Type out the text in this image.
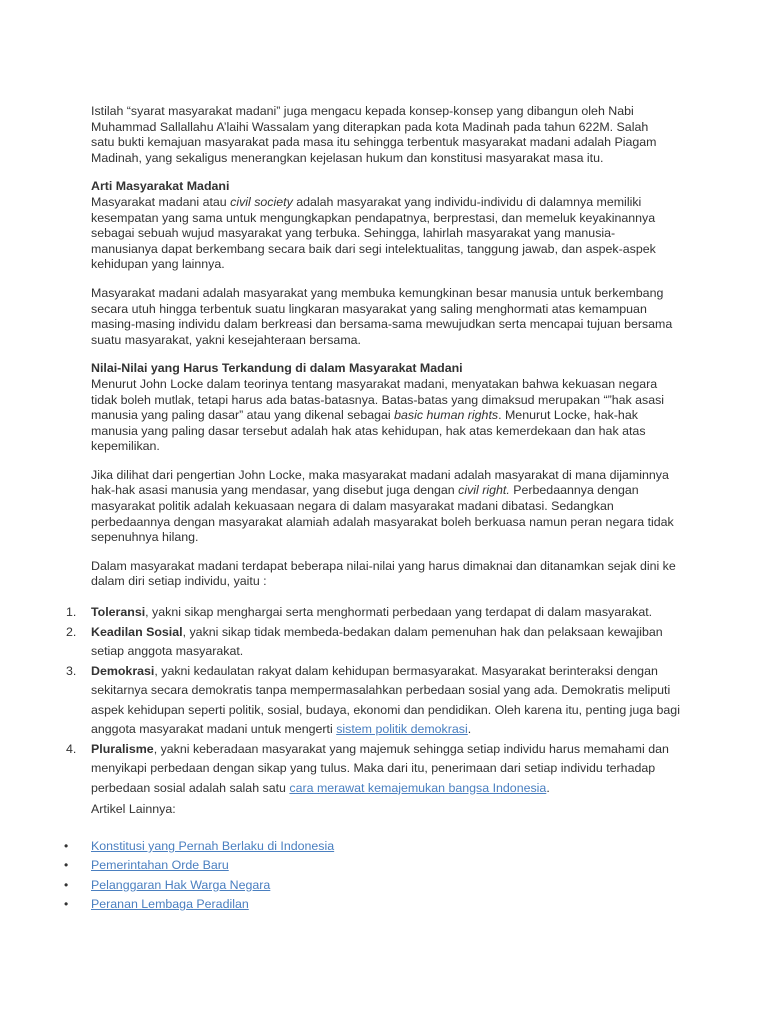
Istilah “syarat masyarakat madani” juga mengacu kepada konsep-konsep yang dibangun oleh Nabi
Muhammad Sallallahu A’laihi Wassalam yang diterapkan pada kota Madinah pada tahun 622M. Salah
satu bukti kemajuan masyarakat pada masa itu sehingga terbentuk masyarakat madani adalah Piagam
Madinah, yang sekaligus menerangkan kejelasan hukum dan konstitusi masyarakat masa itu.

Arti Masyarakat Madani

Masyarakat madani atau civil society adalah masyarakat yang individu-individu di dalamnya memiliki kesempatan yang sama untuk mengungkapkan pendapatnya, berprestasi, dan memeluk keyakinannya sebagai sebuah wujud masyarakat yang terbuka. Sehingga, lahirlah masyarakat yang manusia-manusianya dapat berkembang secara baik dari segi intelektualitas, tanggung jawab, dan aspek-aspek kehidupan yang lainnya.

Masyarakat madani adalah masyarakat yang membuka kemungkinan besar manusia untuk berkembang secara utuh hingga terbentuk suatu lingkaran masyarakat yang saling menghormati atas kemampuan masing-masing individu dalam berkreasi dan bersama-sama mewujudkan serta mencapai tujuan bersama suatu masyarakat, yakni kesejahteraan bersama.

Nilai-Nilai yang Harus Terkandung di dalam Masyarakat Madani

Menurut John Locke dalam teorinya tentang masyarakat madani, menyatakan bahwa kekuasan negara tidak boleh mutlak, tetapi harus ada batas-batasnya. Batas-batas yang dimaksud merupakan “”hak asasi manusia yang paling dasar” atau yang dikenal sebagai basic human rights. Menurut Locke, hak-hak manusia yang paling dasar tersebut adalah hak atas kehidupan, hak atas kemerdekaan dan hak atas kepemilikan.

Jika dilihat dari pengertian John Locke, maka masyarakat madani adalah masyarakat di mana dijaminnya hak-hak asasi manusia yang mendasar, yang disebut juga dengan civil right. Perbedaannya dengan masyarakat politik adalah kekuasaan negara di dalam masyarakat madani dibatasi. Sedangkan perbedaannya dengan masyarakat alamiah adalah masyarakat boleh berkuasa namun peran negara tidak sepenuhnya hilang.

Dalam masyarakat madani terdapat beberapa nilai-nilai yang harus dimaknai dan ditanamkan sejak dini ke dalam diri setiap individu, yaitu :

1. Toleransi, yakni sikap menghargai serta menghormati perbedaan yang terdapat di dalam masyarakat.
2. Keadilan Sosial, yakni sikap tidak membeda-bedakan dalam pemenuhan hak dan pelaksaan kewajiban setiap anggota masyarakat.
3. Demokrasi, yakni kedaulatan rakyat dalam kehidupan bermasyarakat. Masyarakat berinteraksi dengan sekitarnya secara demokratis tanpa mempermasalahkan perbedaan sosial yang ada. Demokratis meliputi aspek kehidupan seperti politik, sosial, budaya, ekonomi dan pendidikan. Oleh karena itu, penting juga bagi anggota masyarakat madani untuk mengerti sistem politik demokrasi.
4. Pluralisme, yakni keberadaan masyarakat yang majemuk sehingga setiap individu harus memahami dan menyikapi perbedaan dengan sikap yang tulus. Maka dari itu, penerimaan dari setiap individu terhadap perbedaan sosial adalah salah satu cara merawat kemajemukan bangsa Indonesia.
Artikel Lainnya:
• Konstitusi yang Pernah Berlaku di Indonesia
• Pemerintahan Orde Baru
• Pelanggaran Hak Warga Negara
• Peranan Lembaga Peradilan
